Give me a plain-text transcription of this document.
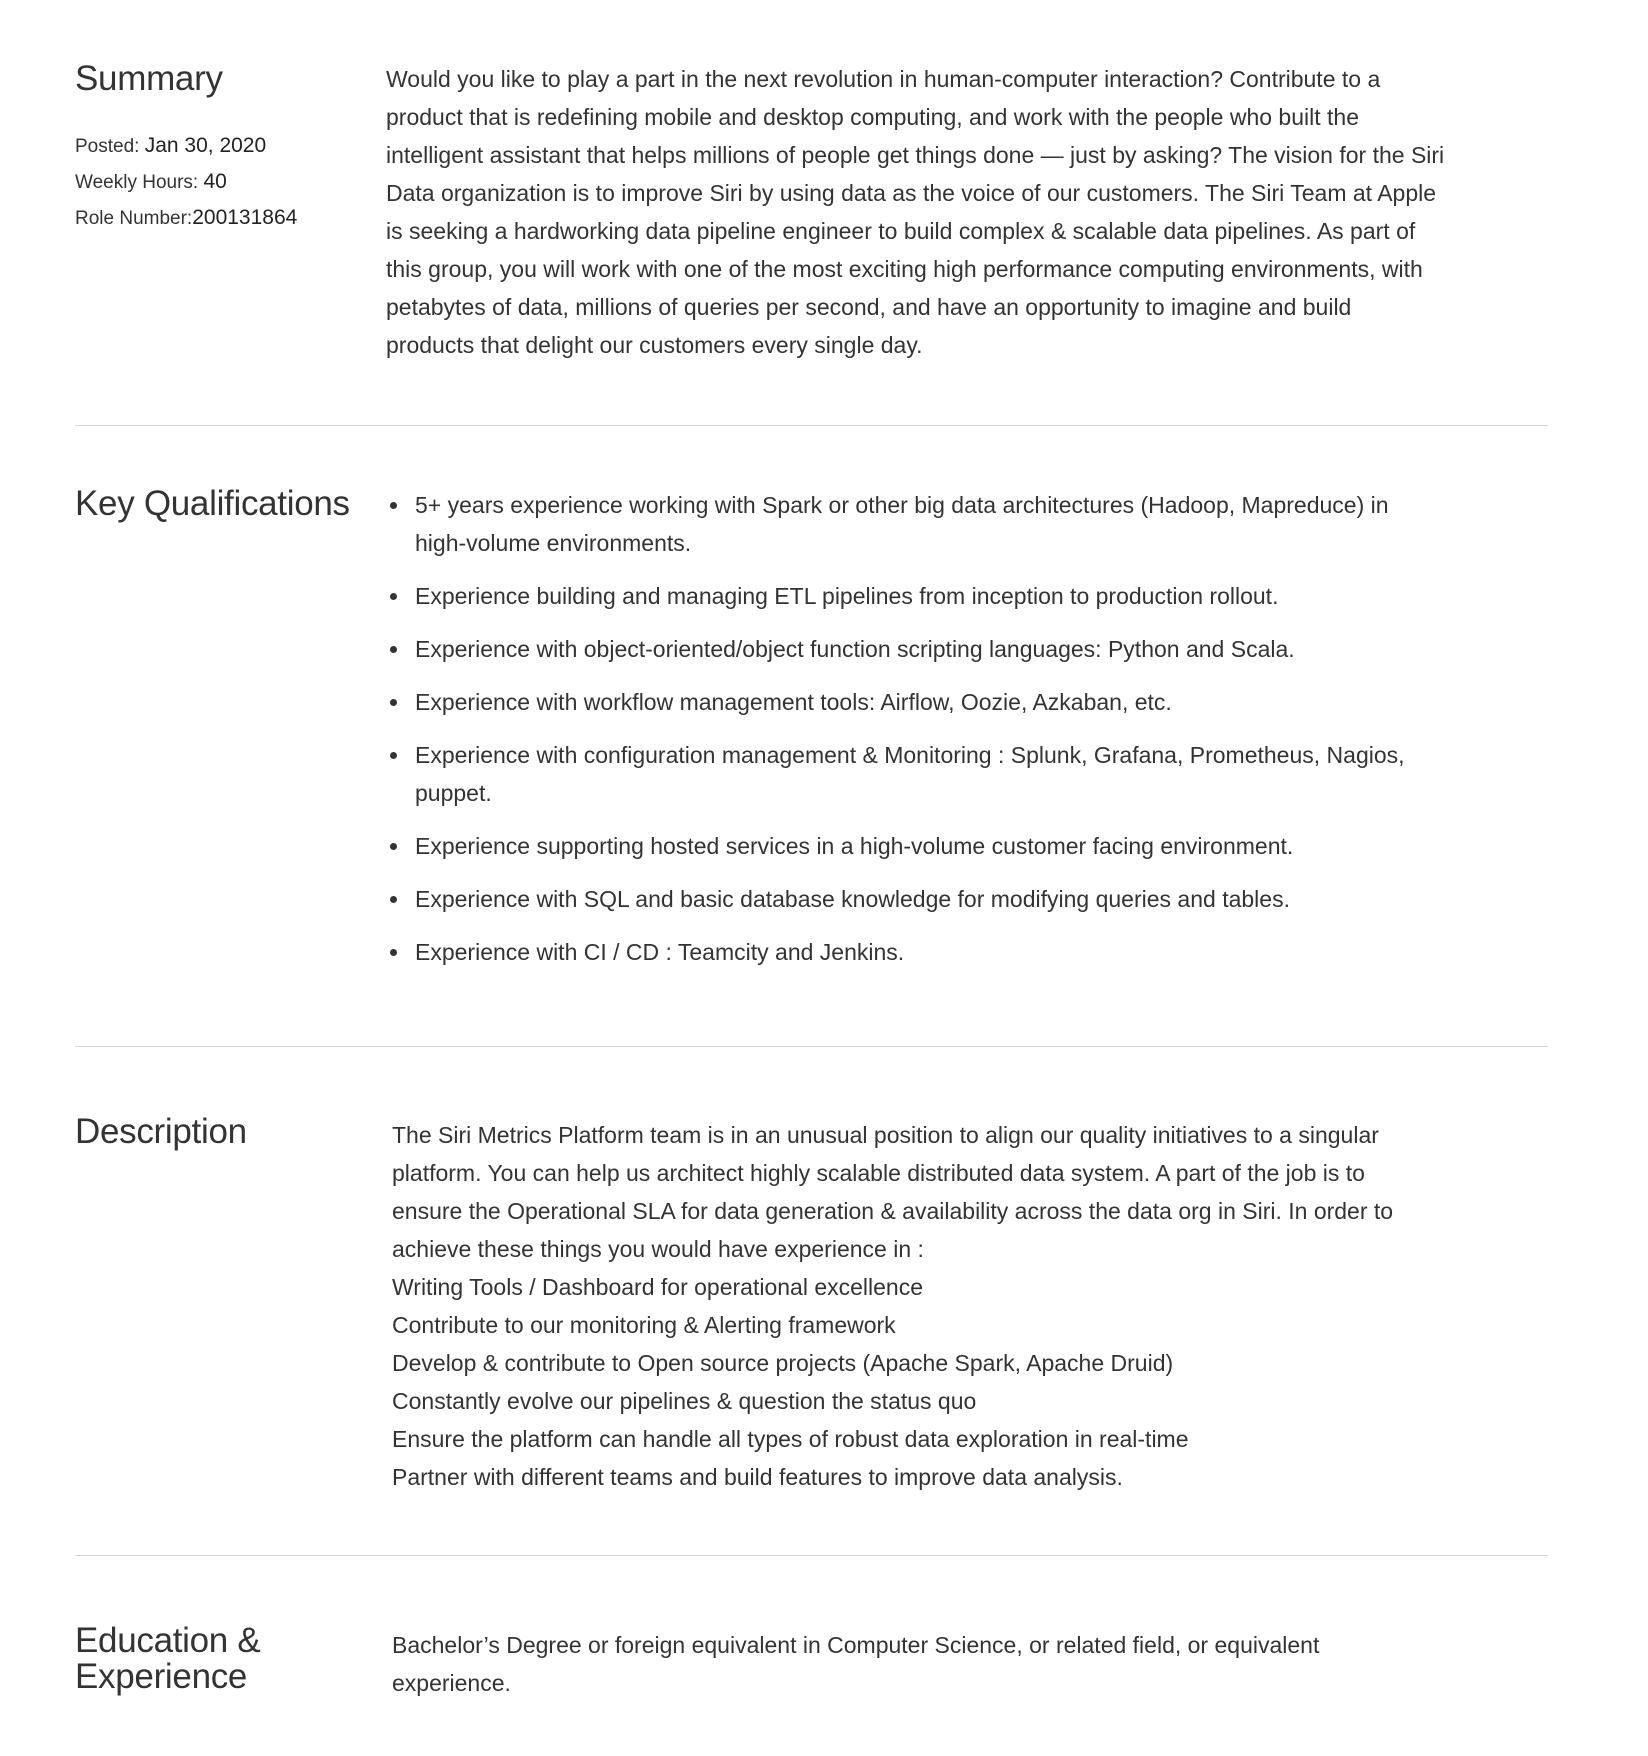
Summary
Posted: Jan 30, 2020
Weekly Hours: 40
Role Number:200131864
Would you like to play a part in the next revolution in human-computer interaction? Contribute to a
product that is redefining mobile and desktop computing, and work with the people who built the
intelligent assistant that helps millions of people get things done — just by asking? The vision for the Siri
Data organization is to improve Siri by using data as the voice of our customers. The Siri Team at Apple
is seeking a hardworking data pipeline engineer to build complex & scalable data pipelines. As part of
this group, you will work with one of the most exciting high performance computing environments, with
petabytes of data, millions of queries per second, and have an opportunity to imagine and build
products that delight our customers every single day.
Key Qualifications	5+ years experience working with Spark or other big data architectures (Hadoop, Mapreduce) in
high-volume environments.
Experience building and managing ETL pipelines from inception to production rollout.
Experience with object-oriented/object function scripting languages: Python and Scala.
Experience with workflow management tools: Airflow, Oozie, Azkaban, etc.
Experience with configuration management & Monitoring : Splunk, Grafana, Prometheus, Nagios,
puppet.
Experience supporting hosted services in a high-volume customer facing environment.
Experience with SQL and basic database knowledge for modifying queries and tables.
Experience with CI / CD : Teamcity and Jenkins.
Description	The Siri Metrics Platform team is in an unusual position to align our quality initiatives to a singular
platform. You can help us architect highly scalable distributed data system. A part of the job is to
ensure the Operational SLA for data generation & availability across the data org in Siri. In order to
achieve these things you would have experience in :
Writing Tools / Dashboard for operational excellence
Contribute to our monitoring & Alerting framework
Develop & contribute to Open source projects (Apache Spark, Apache Druid)
Constantly evolve our pipelines & question the status quo
Ensure the platform can handle all types of robust data exploration in real-time
Partner with different teams and build features to improve data analysis.
Education &
Experience
Bachelor’s Degree or foreign equivalent in Computer Science, or related field, or equivalent
experience.
